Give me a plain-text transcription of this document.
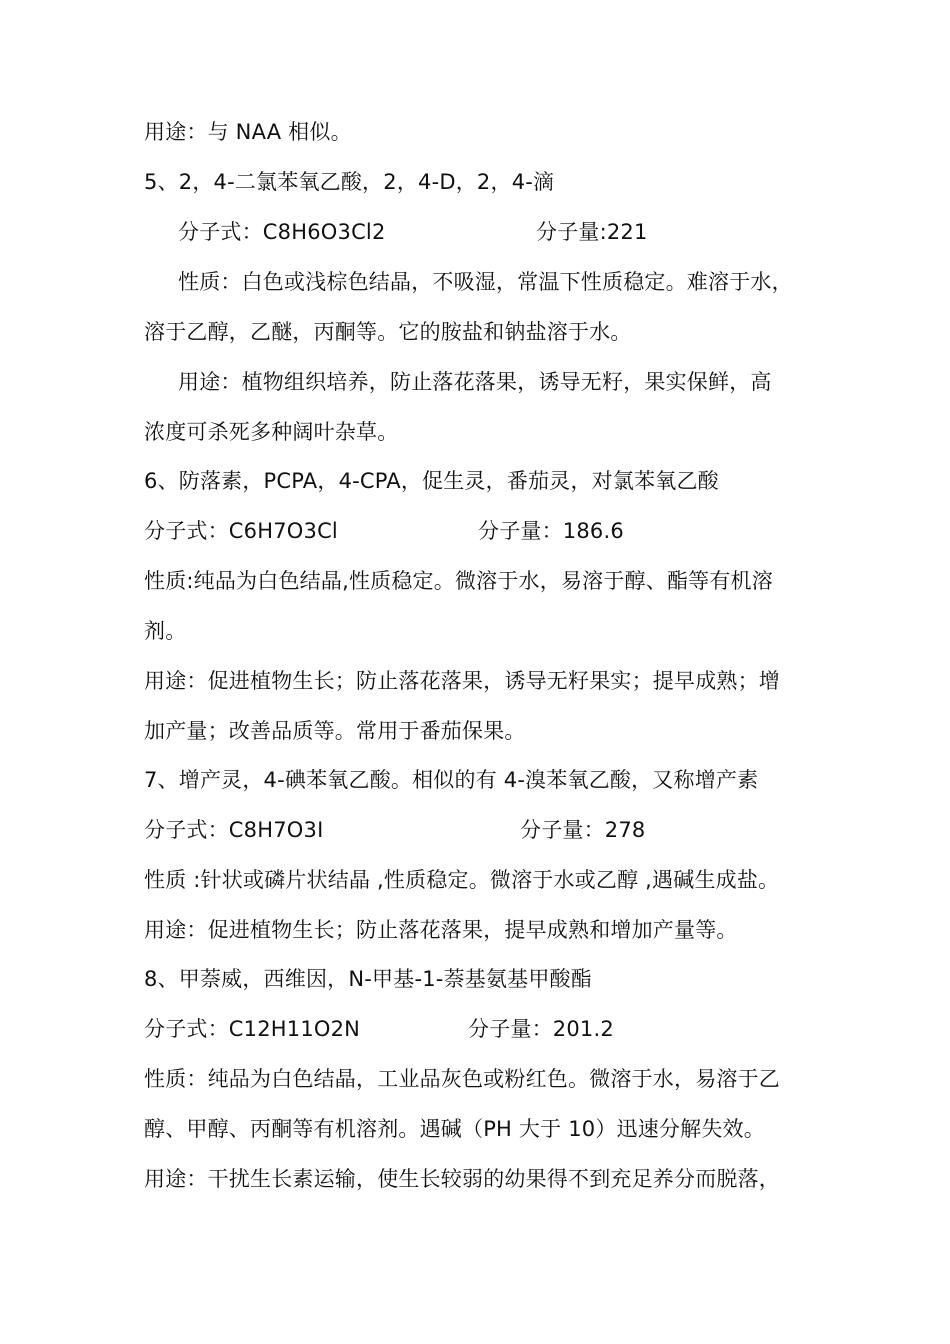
用途：与 NAA 相似。
5、2，4-二氯苯氧乙酸，2，4-D，2，4-滴
分子式：C8H6O3Cl2	分子量:221
性质：白色或浅棕色结晶，不吸湿，常温下性质稳定。难溶于水，
溶于乙醇，乙醚，丙酮等。它的胺盐和钠盐溶于水。
用途：植物组织培养，防止落花落果，诱导无籽，果实保鲜，高
浓度可杀死多种阔叶杂草。
6、防落素，PCPA，4-CPA，促生灵，番茄灵，对氯苯氧乙酸
分子式：C6H7O3Cl	分子量：186.6
性质:纯品为白色结晶,性质稳定。微溶于水，易溶于醇、酯等有机溶
剂。
用途：促进植物生长；防止落花落果，诱导无籽果实；提早成熟；增
加产量；改善品质等。常用于番茄保果。
7、增产灵，4-碘苯氧乙酸。相似的有 4-溴苯氧乙酸，又称增产素
分子式：C8H7O3I	分子量：278
性质 :针状或磷片状结晶 ,性质稳定。微溶于水或乙醇 ,遇碱生成盐。
用途：促进植物生长；防止落花落果，提早成熟和增加产量等。
8、甲萘威，西维因，N-甲基-1-萘基氨基甲酸酯
分子式：C12H11O2N	分子量：201.2
性质：纯品为白色结晶，工业品灰色或粉红色。微溶于水，易溶于乙
醇、甲醇、丙酮等有机溶剂。遇碱（PH 大于 10）迅速分解失效。
用途：干扰生长素运输，使生长较弱的幼果得不到充足养分而脱落，
